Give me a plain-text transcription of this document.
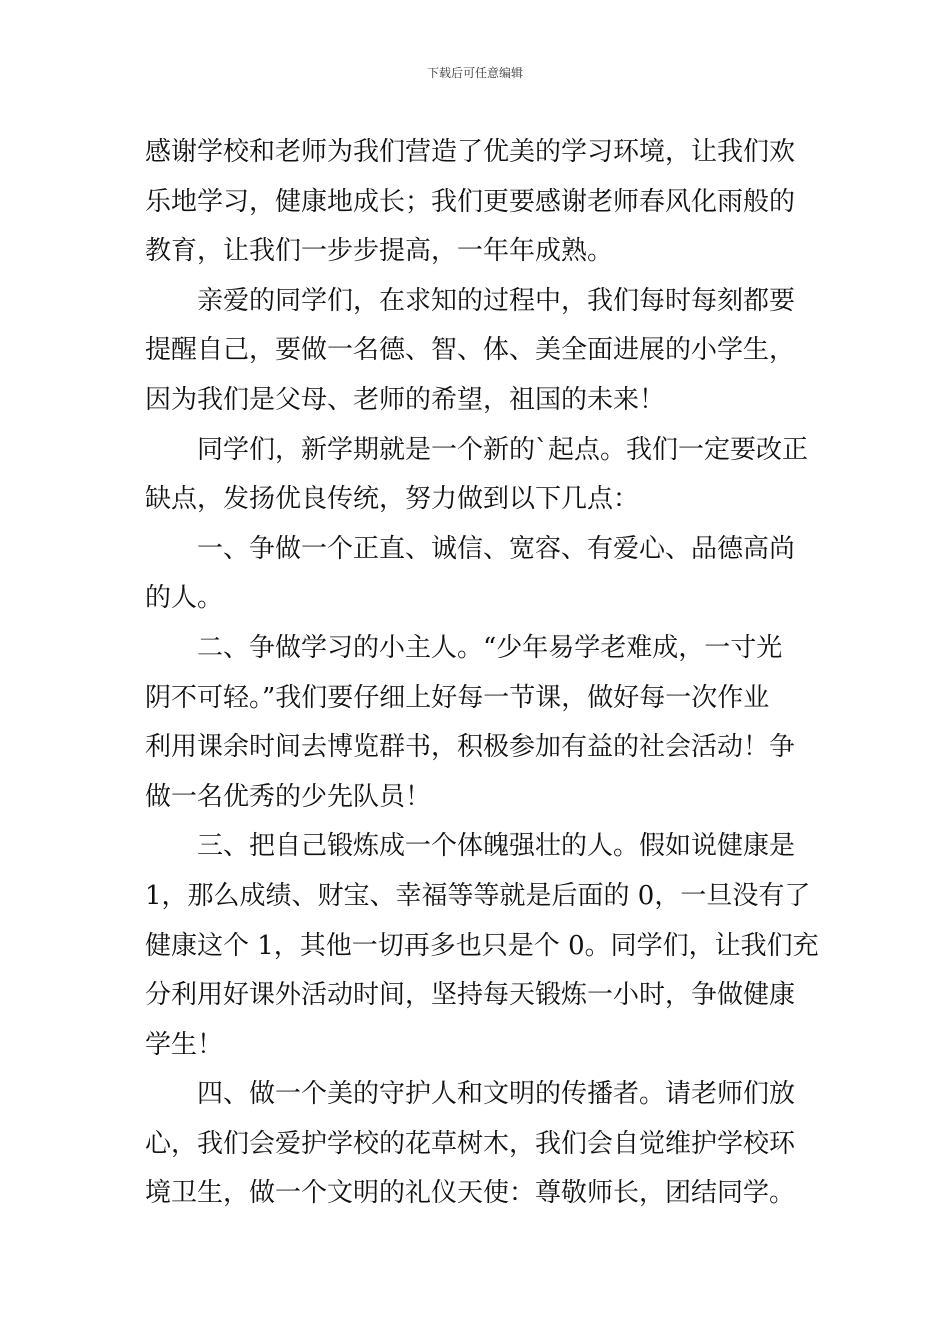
下载后可任意编辑
感谢学校和老师为我们营造了优美的学习环境，让我们欢
乐地学习，健康地成长；我们更要感谢老师春风化雨般的
教育，让我们一步步提高，一年年成熟。
亲爱的同学们，在求知的过程中，我们每时每刻都要
提醒自己，要做一名德、智、体、美全面进展的小学生，
因为我们是父母、老师的希望，祖国的未来！
同学们，新学期就是一个新的`起点。我们一定要改正
缺点，发扬优良传统，努力做到以下几点：
一、争做一个正直、诚信、宽容、有爱心、品德高尚
的人。
二、争做学习的小主人。“少年易学老难成，一寸光
阴不可轻。”我们要仔细上好每一节课，做好每一次作业
利用课余时间去博览群书，积极参加有益的社会活动！争
做一名优秀的少先队员！
三、把自己锻炼成一个体魄强壮的人。假如说健康是
1，那么成绩、财宝、幸福等等就是后面的 0，一旦没有了
健康这个 1，其他一切再多也只是个 0。同学们，让我们充
分利用好课外活动时间，坚持每天锻炼一小时，争做健康
学生！
四、做一个美的守护人和文明的传播者。请老师们放
心，我们会爱护学校的花草树木，我们会自觉维护学校环
境卫生，做一个文明的礼仪天使：尊敬师长，团结同学。
